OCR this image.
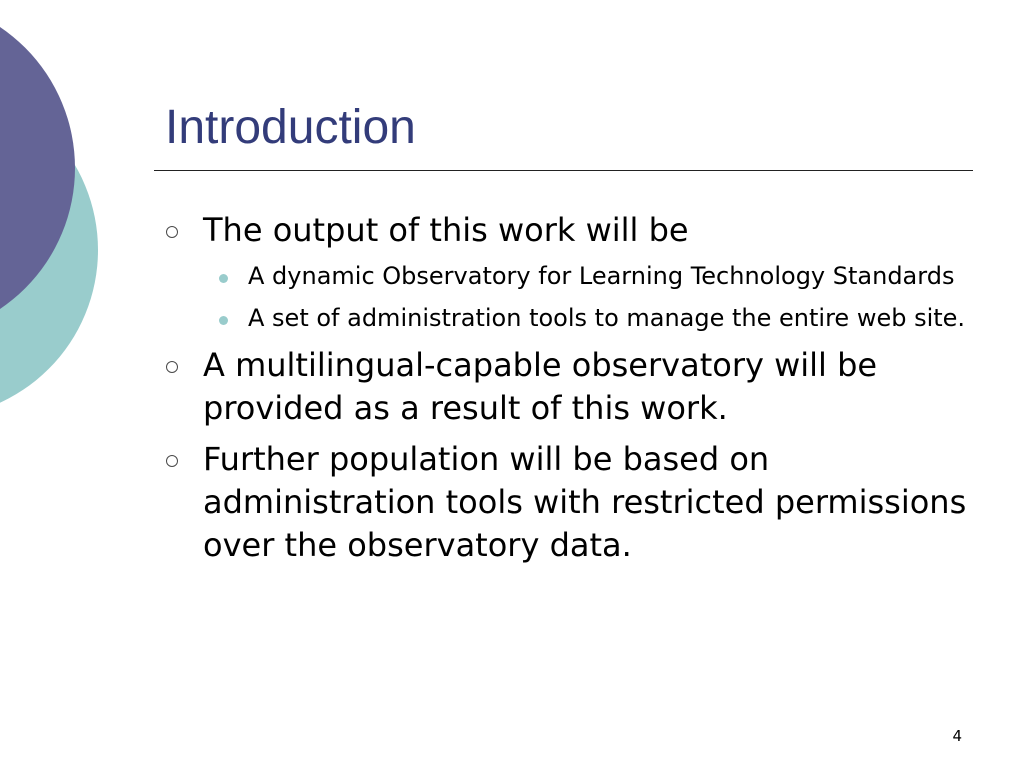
Introduction
The output of this work will be
A dynamic Observatory for Learning Technology Standards
A set of administration tools to manage the entire web site.
A multilingual-capable observatory will be provided as a result of this work.
Further population will be based on administration tools with restricted permissions over the observatory data.
4
